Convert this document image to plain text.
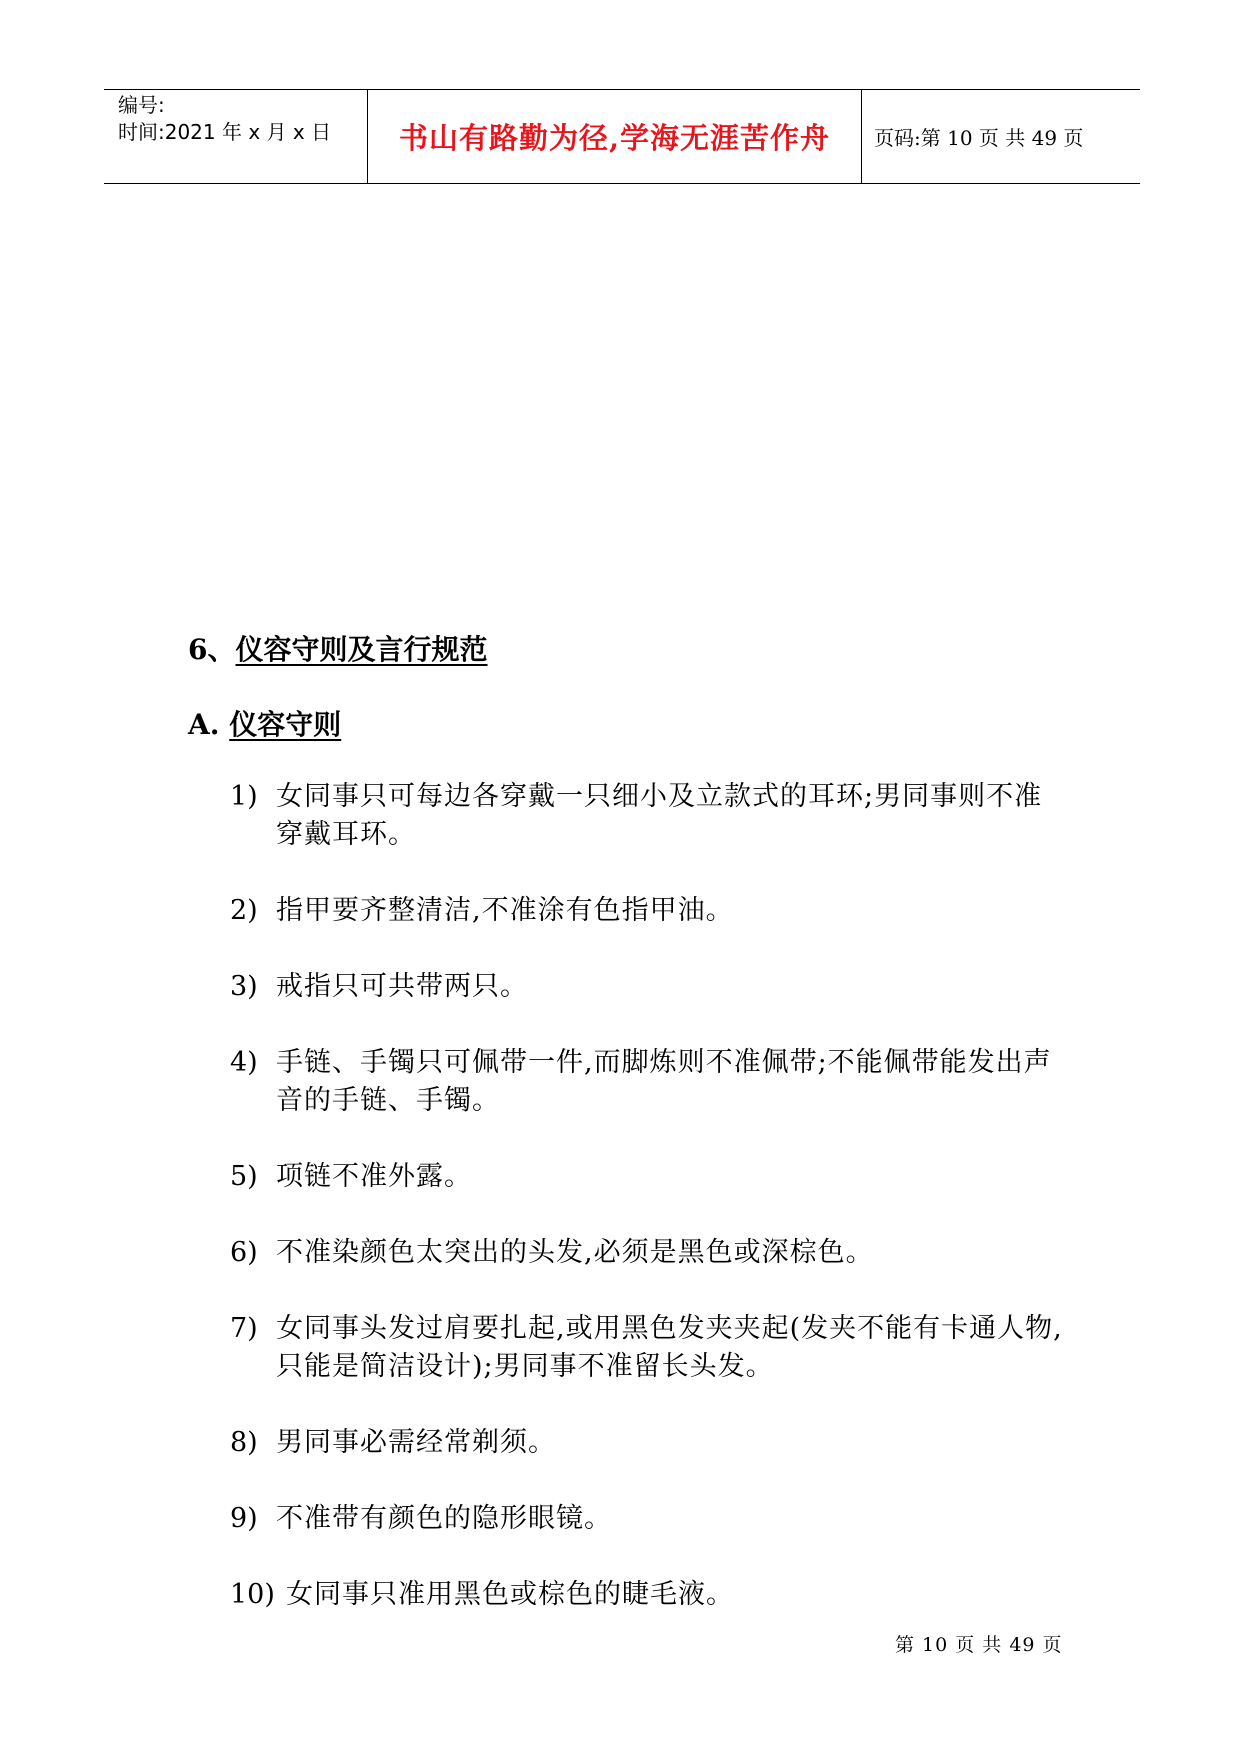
编号:
时间:2021 年 x 月 x 日	书山有路勤为径,学海无涯苦作舟 页码:第 10 页 共 49 页
6、仪容守则及言行规范
A. 仪容守则
1) 女同事只可每边各穿戴一只细小及立款式的耳环;男同事则不准穿戴耳环。
2) 指甲要齐整清洁,不准涂有色指甲油。
3) 戒指只可共带两只。
4) 手链、手镯只可佩带一件,而脚炼则不准佩带;不能佩带能发出声音的手链、手镯。
5) 项链不准外露。
6) 不准染颜色太突出的头发,必须是黑色或深棕色。
7) 女同事头发过肩要扎起,或用黑色发夹夹起(发夹不能有卡通人物,只能是简洁设计);男同事不准留长头发。
8) 男同事必需经常剃须。
9) 不准带有颜色的隐形眼镜。
10) 女同事只准用黑色或棕色的睫毛液。
第 10 页 共 49 页
